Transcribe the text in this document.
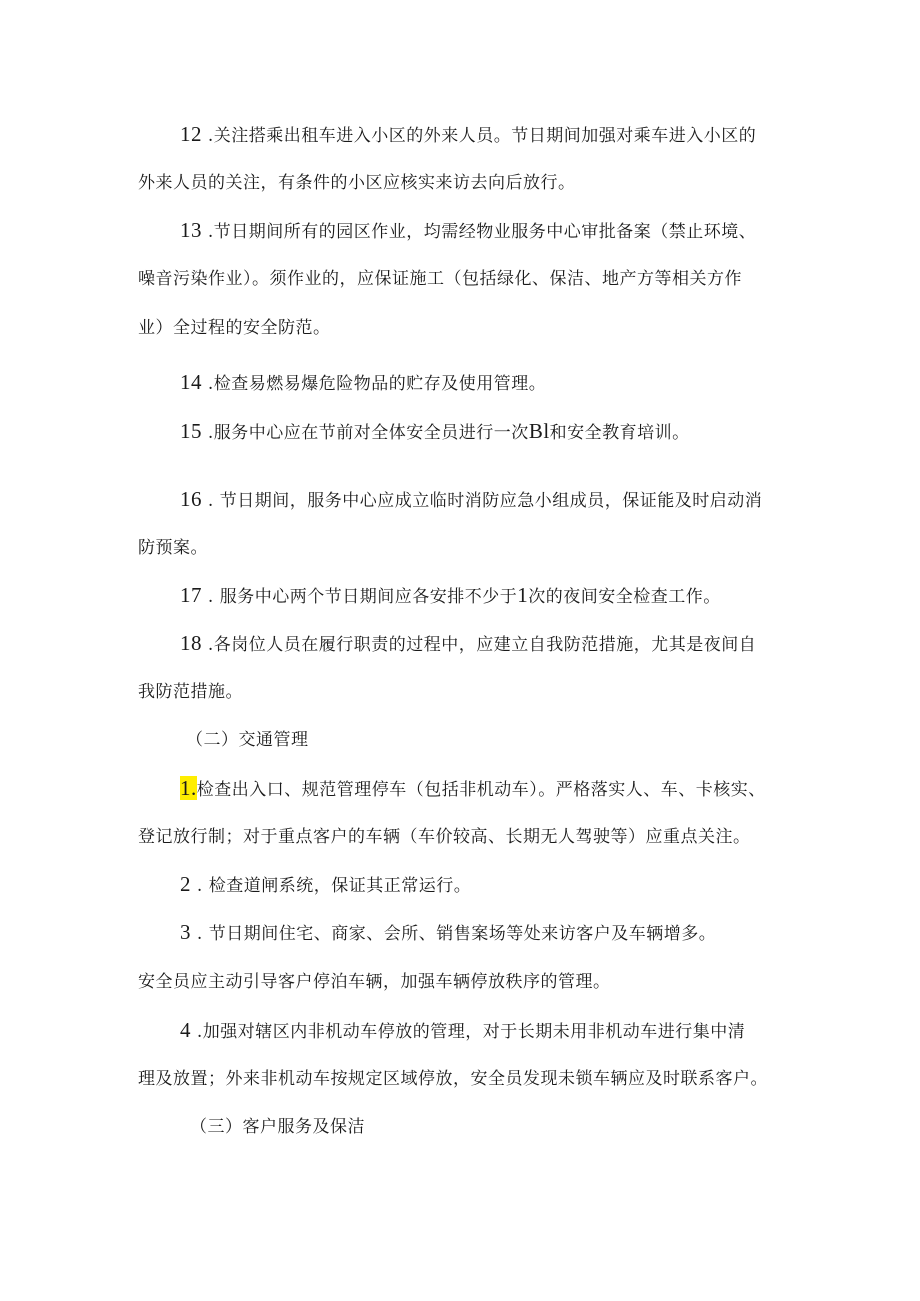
12 .关注搭乘出租车进入小区的外来人员。节日期间加强对乘车进入小区的
外来人员的关注，有条件的小区应核实来访去向后放行。
13 .节日期间所有的园区作业，均需经物业服务中心审批备案（禁止环境、
噪音污染作业）。须作业的，应保证施工（包括绿化、保洁、地产方等相关方作
业）全过程的安全防范。
14 .检查易燃易爆危险物品的贮存及使用管理。
15 .服务中心应在节前对全体安全员进行一次Bl和安全教育培训。
16 . 节日期间，服务中心应成立临时消防应急小组成员，保证能及时启动消
防预案。
17 . 服务中心两个节日期间应各安排不少于1次的夜间安全检查工作。
18 .各岗位人员在履行职责的过程中，应建立自我防范措施，尤其是夜间自
我防范措施。
（二）交通管理
1.检查出入口、规范管理停车（包括非机动车）。严格落实人、车、卡核实、
登记放行制；对于重点客户的车辆（车价较高、长期无人驾驶等）应重点关注。
2 . 检查道闸系统，保证其正常运行。
3 . 节日期间住宅、商家、会所、销售案场等处来访客户及车辆增多。
安全员应主动引导客户停泊车辆，加强车辆停放秩序的管理。
4 .加强对辖区内非机动车停放的管理，对于长期未用非机动车进行集中清
理及放置；外来非机动车按规定区域停放，安全员发现未锁车辆应及时联系客户。
（三）客户服务及保洁
